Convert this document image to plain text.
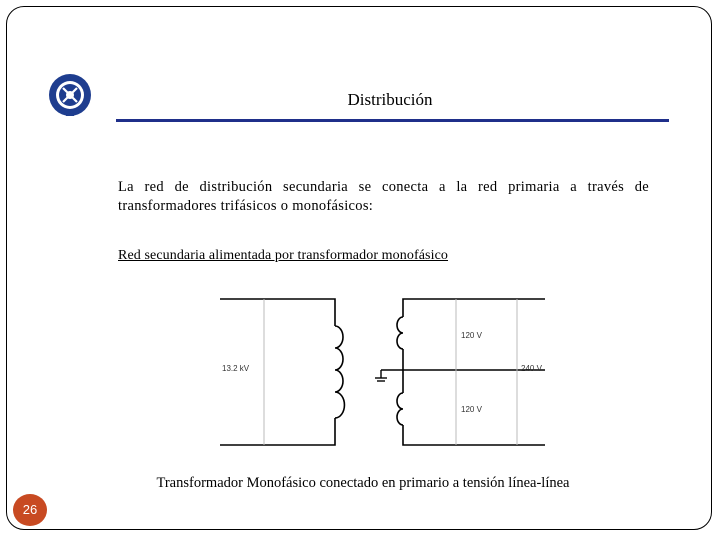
Distribución
La red de distribución secundaria se conecta a la red primaria a través de transformadores trifásicos o monofásicos:
Red secundaria alimentada por transformador monofásico
13.2 kV
120 V
240 V
120 V
Transformador Monofásico conectado en primario a tensión línea-línea
26
